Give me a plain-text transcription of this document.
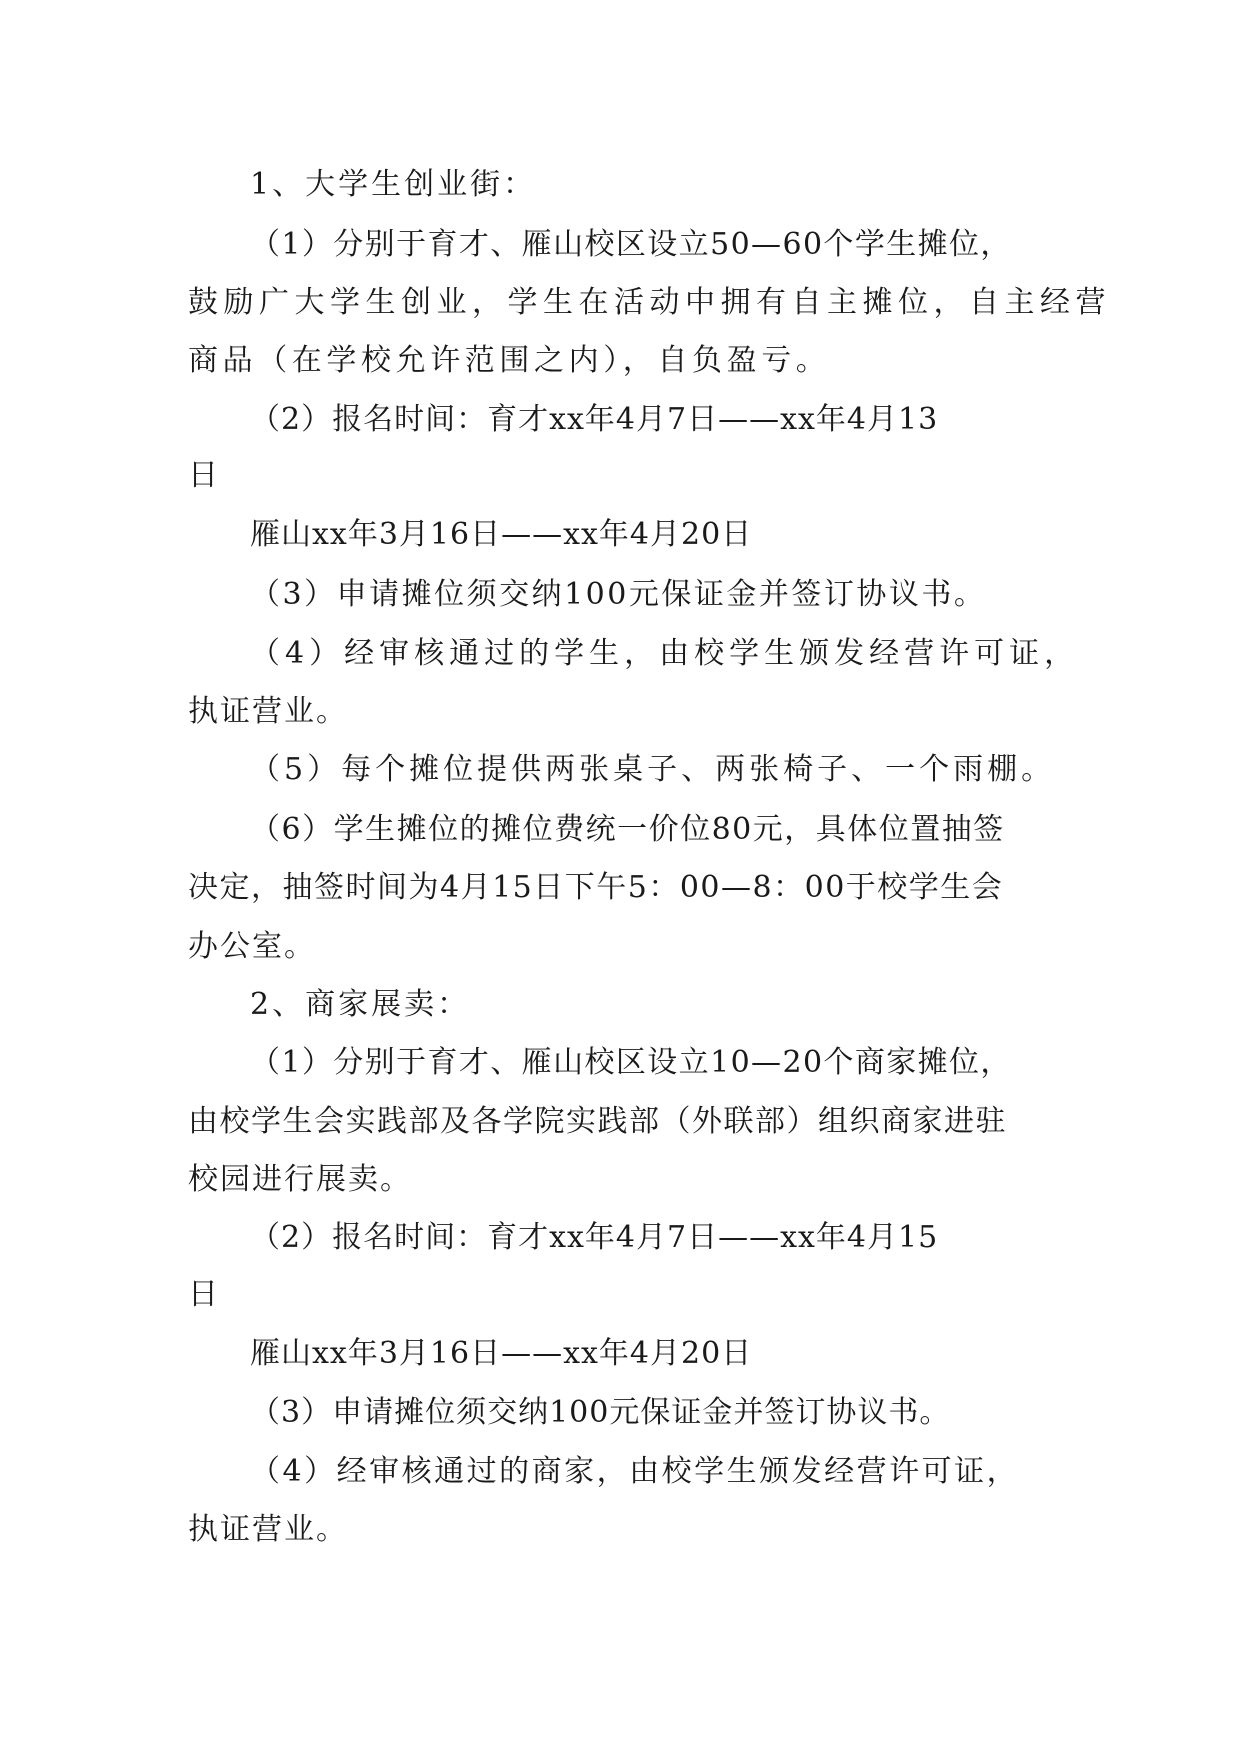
1、大学生创业街：

（1）分别于育才、雁山校区设立50—60个学生摊位，

鼓励广大学生创业，学生在活动中拥有自主摊位，自主经营

商品（在学校允许范围之内），自负盈亏。

（2）报名时间：育才xx年4月7日——xx年4月13

日

雁山xx年3月16日——xx年4月20日

（3）申请摊位须交纳100元保证金并签订协议书。

（4）经审核通过的学生，由校学生颁发经营许可证，

执证营业。

（5）每个摊位提供两张桌子、两张椅子、一个雨棚。

（6）学生摊位的摊位费统一价位80元，具体位置抽签

决定，抽签时间为4月15日下午5：00—8：00于校学生会

办公室。

2、商家展卖：

（1）分别于育才、雁山校区设立10—20个商家摊位，

由校学生会实践部及各学院实践部（外联部）组织商家进驻

校园进行展卖。

（2）报名时间：育才xx年4月7日——xx年4月15

日

雁山xx年3月16日——xx年4月20日

（3）申请摊位须交纳100元保证金并签订协议书。

（4）经审核通过的商家，由校学生颁发经营许可证，

执证营业。
